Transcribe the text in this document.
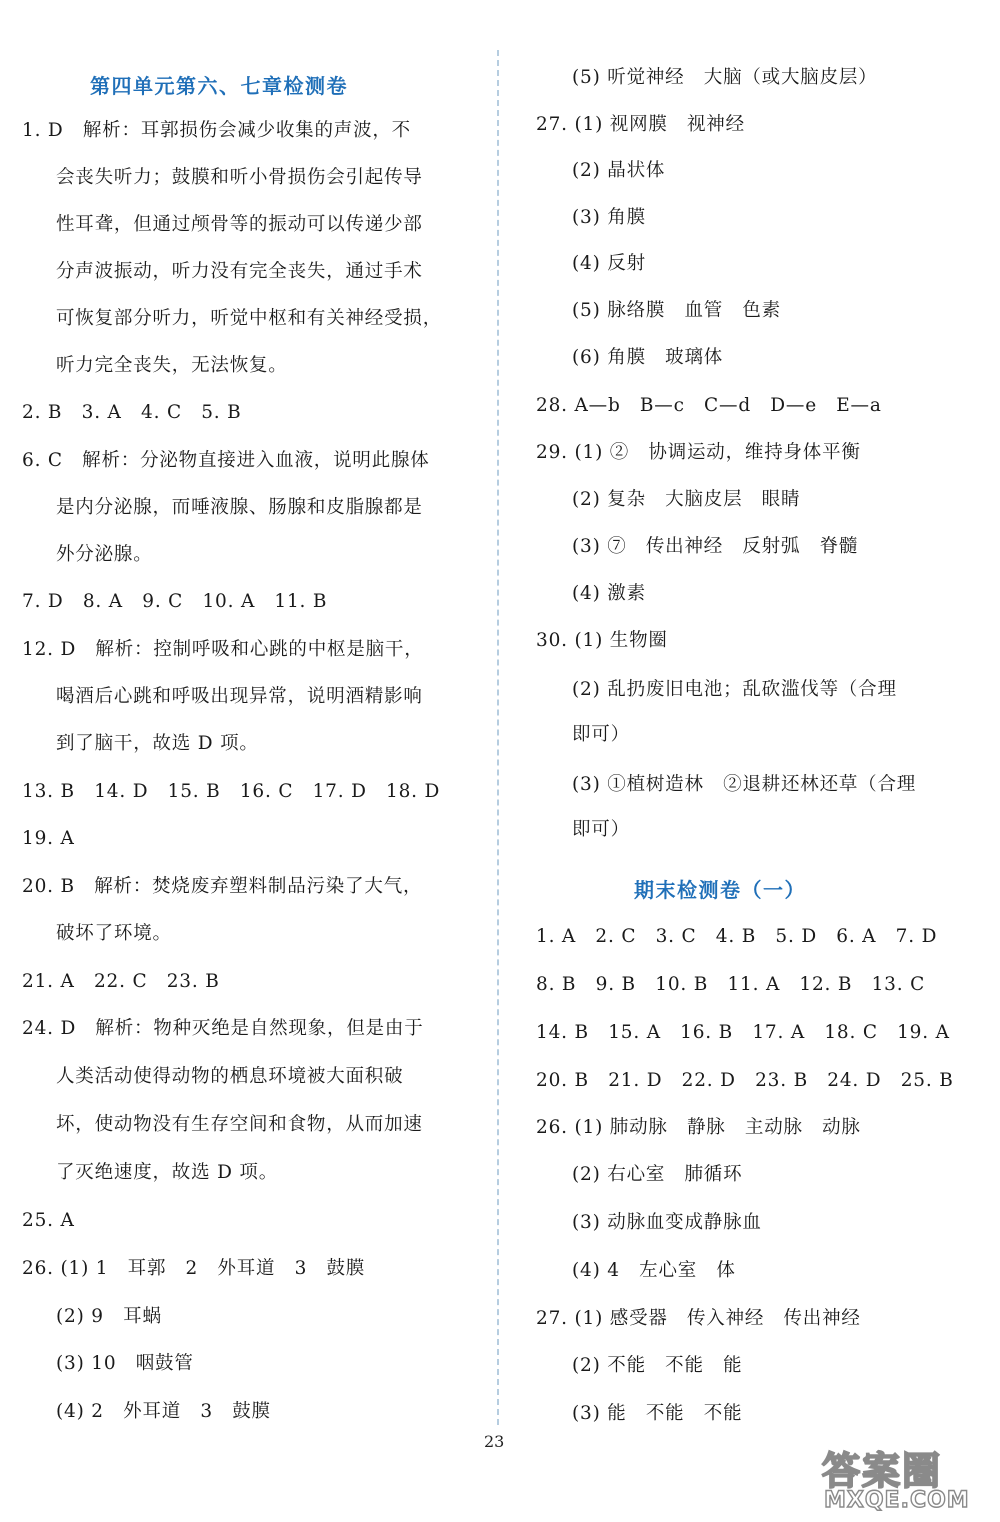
第四单元第六、七章检测卷
1. D　解析：耳郭损伤会减少收集的声波，不
会丧失听力；鼓膜和听小骨损伤会引起传导
性耳聋，但通过颅骨等的振动可以传递少部
分声波振动，听力没有完全丧失，通过手术
可恢复部分听力，听觉中枢和有关神经受损，
听力完全丧失，无法恢复。
2. B　3. A　4. C　5. B
6. C　解析：分泌物直接进入血液，说明此腺体
是内分泌腺，而唾液腺、肠腺和皮脂腺都是
外分泌腺。
7. D　8. A　9. C　10. A　11. B
12. D　解析：控制呼吸和心跳的中枢是脑干，
喝酒后心跳和呼吸出现异常，说明酒精影响
到了脑干，故选 D 项。
13. B　14. D　15. B　16. C　17. D　18. D
19. A
20. B　解析：焚烧废弃塑料制品污染了大气，
破坏了环境。
21. A　22. C　23. B
24. D　解析：物种灭绝是自然现象，但是由于
人类活动使得动物的栖息环境被大面积破
坏，使动物没有生存空间和食物，从而加速
了灭绝速度，故选 D 项。
25. A
26. (1) 1　耳郭　2　外耳道　3　鼓膜
(2) 9　耳蜗
(3) 10　咽鼓管
(4) 2　外耳道　3　鼓膜
(5) 听觉神经　大脑（或大脑皮层）
27. (1) 视网膜　视神经
(2) 晶状体
(3) 角膜
(4) 反射
(5) 脉络膜　血管　色素
(6) 角膜　玻璃体
28. A—b　B—c　C—d　D—e　E—a
29. (1) ②　协调运动，维持身体平衡
(2) 复杂　大脑皮层　眼睛
(3) ⑦　传出神经　反射弧　脊髓
(4) 激素
30. (1) 生物圈
(2) 乱扔废旧电池；乱砍滥伐等（合理
即可）
(3) ①植树造林　②退耕还林还草（合理
即可）
期末检测卷（一）
1. A　2. C　3. C　4. B　5. D　6. A　7. D
8. B　9. B　10. B　11. A　12. B　13. C
14. B　15. A　16. B　17. A　18. C　19. A
20. B　21. D　22. D　23. B　24. D　25. B
26. (1) 肺动脉　静脉　主动脉　动脉
(2) 右心室　肺循环
(3) 动脉血变成静脉血
(4) 4　左心室　体
27. (1) 感受器　传入神经　传出神经
(2) 不能　不能　能
(3) 能　不能　不能
23
答案圈
MXQE.COM
